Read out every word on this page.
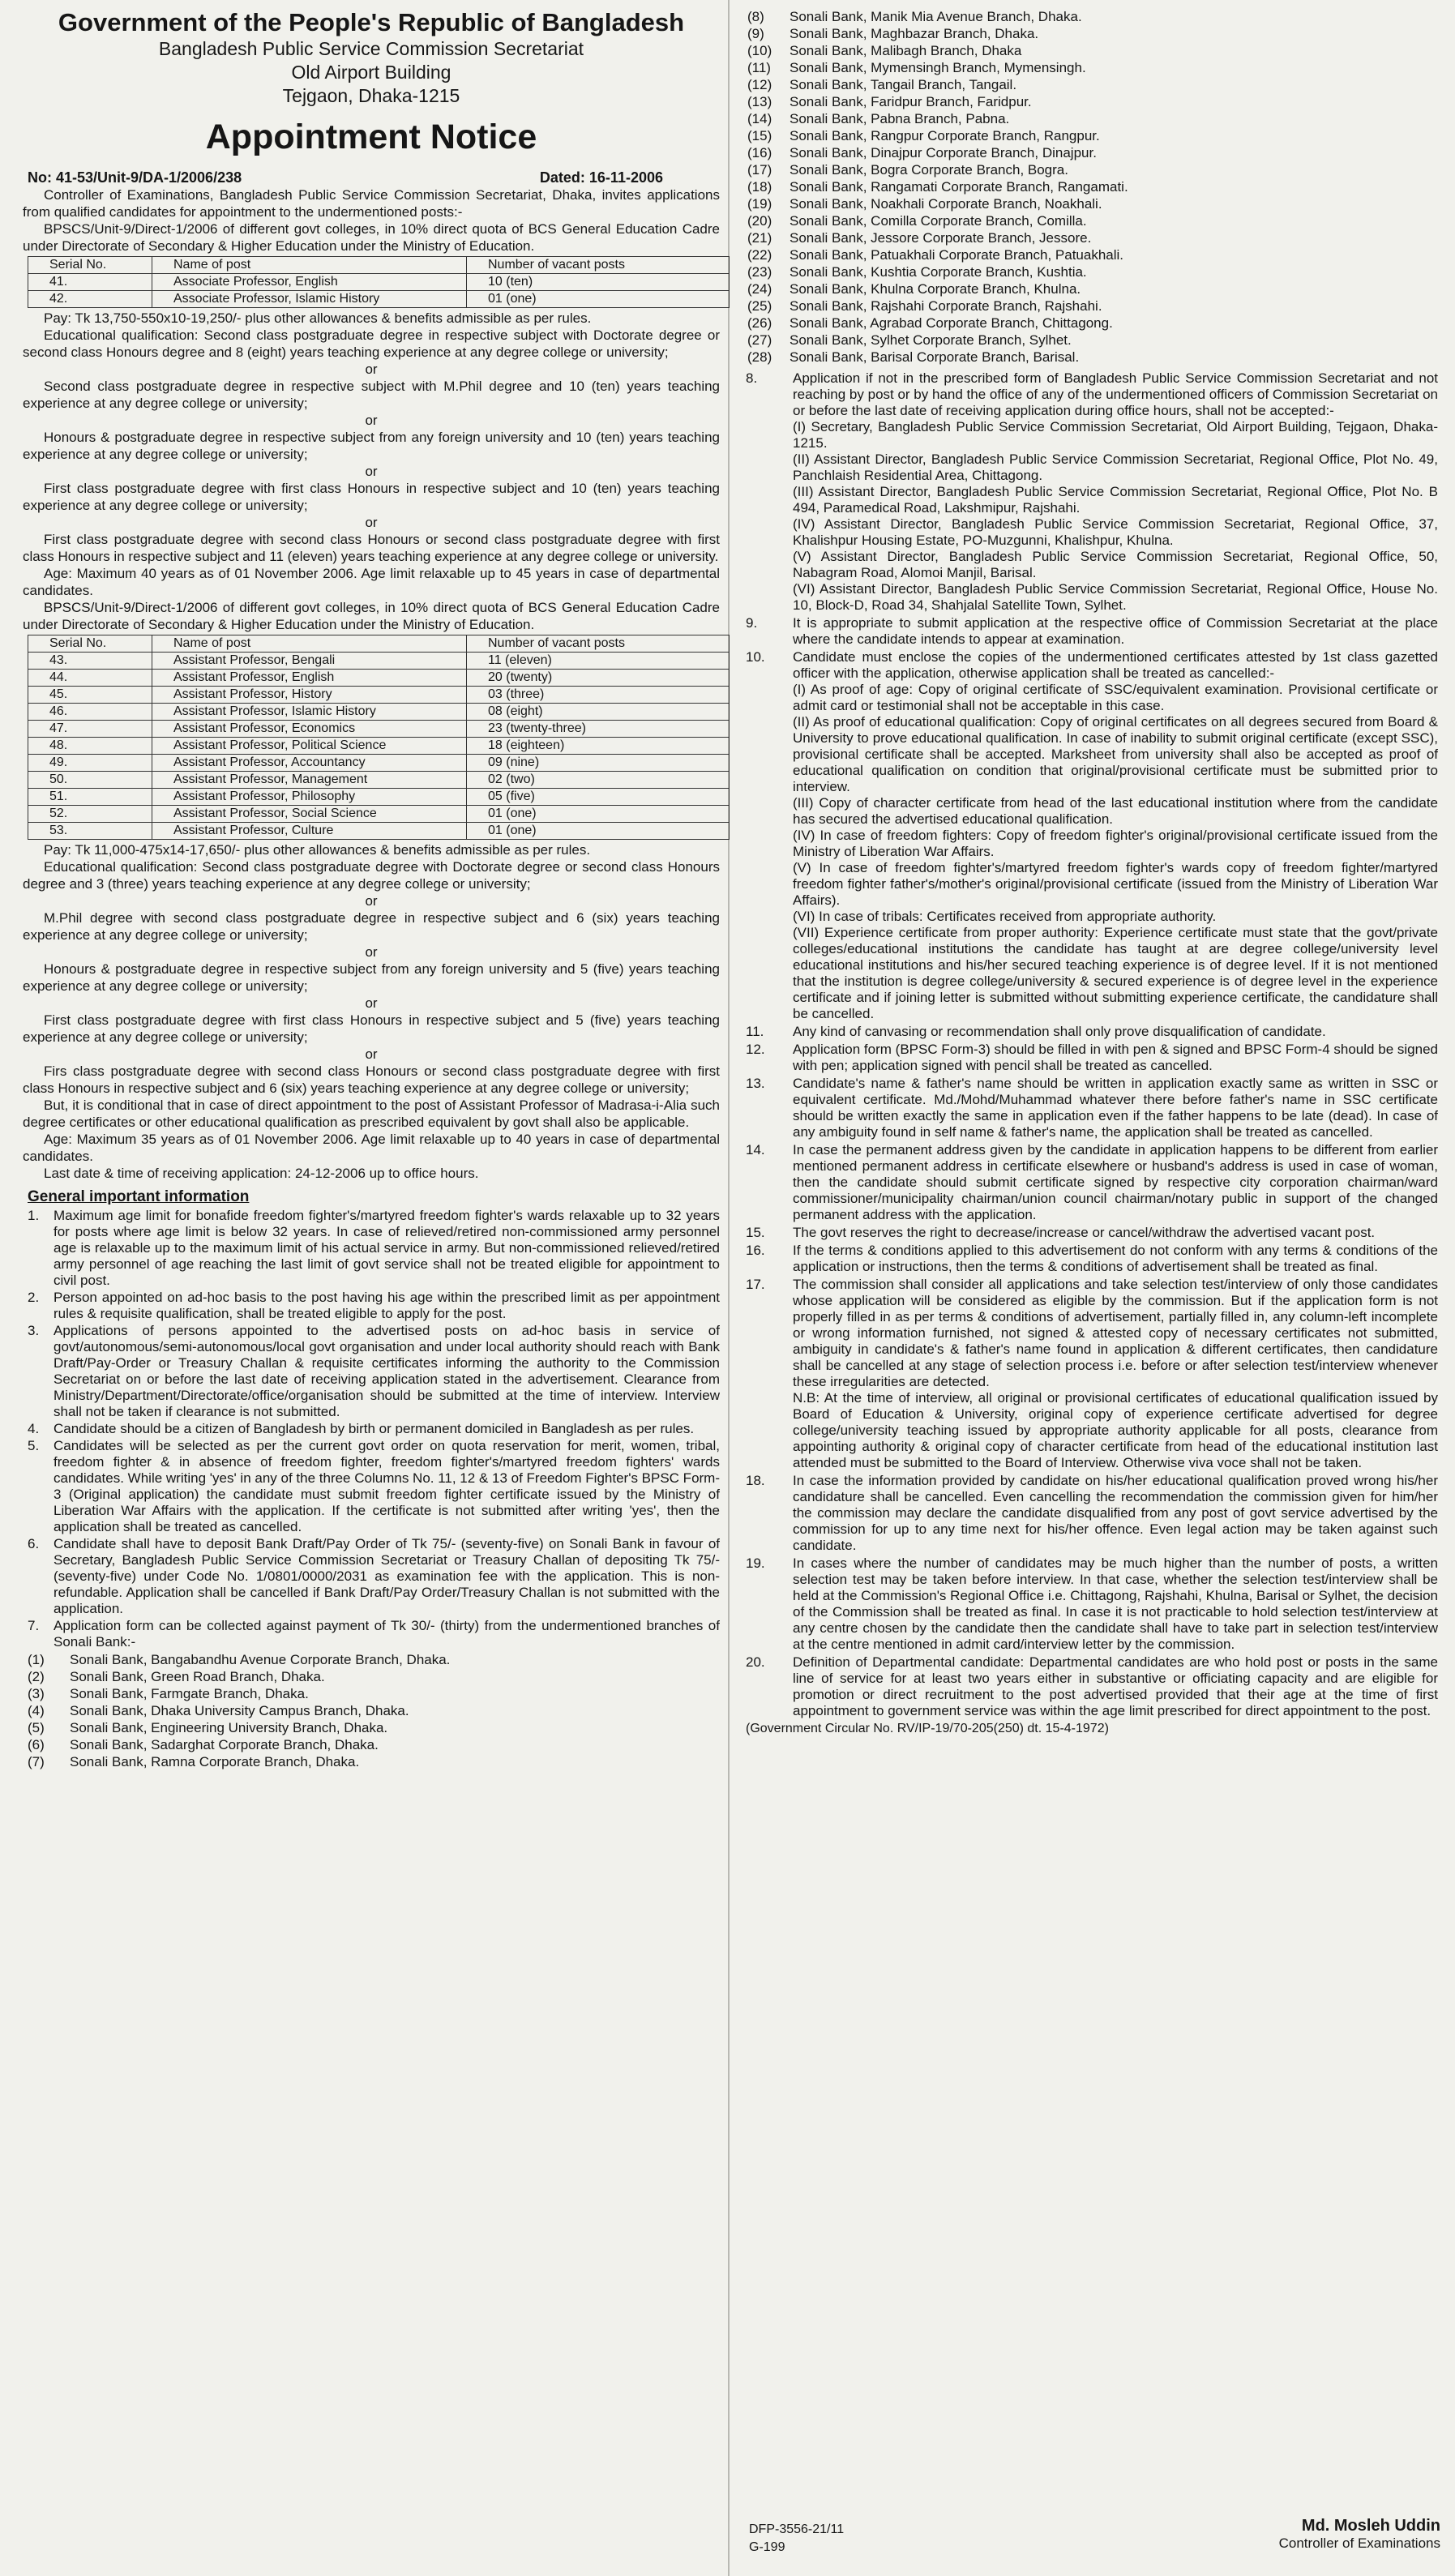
Government of the People's Republic of Bangladesh
Bangladesh Public Service Commission Secretariat
Old Airport Building
Tejgaon, Dhaka-1215
Appointment Notice
No: 41-53/Unit-9/DA-1/2006/238	Dated: 16-11-2006

Controller of Examinations, Bangladesh Public Service Commission Secretariat, Dhaka, invites applications from qualified candidates for appointment to the undermentioned posts:-

BPSCS/Unit-9/Direct-1/2006 of different govt colleges, in 10% direct quota of BCS General Education Cadre under Directorate of Secondary & Higher Education under the Ministry of Education.

Serial No.	Name of post	Number of vacant posts
41.	Associate Professor, English	10 (ten)
42.	Associate Professor, Islamic History	01 (one)

Pay: Tk 13,750-550x10-19,250/- plus other allowances & benefits admissible as per rules.

Educational qualification: Second class postgraduate degree in respective subject with Doctorate degree or second class Honours degree and 8 (eight) years teaching experience at any degree college or university;

or

Second class postgraduate degree in respective subject with M.Phil degree and 10 (ten) years teaching experience at any degree college or university;

or

Honours & postgraduate degree in respective subject from any foreign university and 10 (ten) years teaching experience at any degree college or university;

or

First class postgraduate degree with first class Honours in respective subject and 10 (ten) years teaching experience at any degree college or university;

or

First class postgraduate degree with second class Honours or second class postgraduate degree with first class Honours in respective subject and 11 (eleven) years teaching experience at any degree college or university.

Age: Maximum 40 years as of 01 November 2006. Age limit relaxable up to 45 years in case of departmental candidates.

BPSCS/Unit-9/Direct-1/2006 of different govt colleges, in 10% direct quota of BCS General Education Cadre under Directorate of Secondary & Higher Education under the Ministry of Education.

Serial No.	Name of post	Number of vacant posts
43.	Assistant Professor, Bengali	11 (eleven)
44.	Assistant Professor, English	20 (twenty)
45.	Assistant Professor, History	03 (three)
46.	Assistant Professor, Islamic History	08 (eight)
47.	Assistant Professor, Economics	23 (twenty-three)
48.	Assistant Professor, Political Science	18 (eighteen)
49.	Assistant Professor, Accountancy	09 (nine)
50.	Assistant Professor, Management	02 (two)
51.	Assistant Professor, Philosophy	05 (five)
52.	Assistant Professor, Social Science	01 (one)
53.	Assistant Professor, Culture	01 (one)

Pay: Tk 11,000-475x14-17,650/- plus other allowances & benefits admissible as per rules.

Educational qualification: Second class postgraduate degree with Doctorate degree or second class Honours degree and 3 (three) years teaching experience at any degree college or university;

or

M.Phil degree with second class postgraduate degree in respective subject and 6 (six) years teaching experience at any degree college or university;

or

Honours & postgraduate degree in respective subject from any foreign university and 5 (five) years teaching experience at any degree college or university;

or

First class postgraduate degree with first class Honours in respective subject and 5 (five) years teaching experience at any degree college or university;

or

Firs class postgraduate degree with second class Honours or second class postgraduate degree with first class Honours in respective subject and 6 (six) years teaching experience at any degree college or university;

But, it is conditional that in case of direct appointment to the post of Assistant Professor of Madrasa-i-Alia such degree certificates or other educational qualification as prescribed equivalent by govt shall also be applicable.

Age: Maximum 35 years as of 01 November 2006. Age limit relaxable up to 40 years in case of departmental candidates.

Last date & time of receiving application: 24-12-2006 up to office hours.

General important information
1.	Maximum age limit for bonafide freedom fighter's/martyred freedom fighter's wards relaxable up to 32 years for posts where age limit is below 32 years. In case of relieved/retired non-commissioned army personnel age is relaxable up to the maximum limit of his actual service in army. But non-commissioned relieved/retired army personnel of age reaching the last limit of govt service shall not be treated eligible for appointment to civil post.
2.	Person appointed on ad-hoc basis to the post having his age within the prescribed limit as per appointment rules & requisite qualification, shall be treated eligible to apply for the post.
3.	Applications of persons appointed to the advertised posts on ad-hoc basis in service of govt/autonomous/semi-autonomous/local govt organisation and under local authority should reach with Bank Draft/Pay-Order or Treasury Challan & requisite certificates informing the authority to the Commission Secretariat on or before the last date of receiving application stated in the advertisement. Clearance from Ministry/Department/Directorate/office/organisation should be submitted at the time of interview. Interview shall not be taken if clearance is not submitted.
4.	Candidate should be a citizen of Bangladesh by birth or permanent domiciled in Bangladesh as per rules.
5.	Candidates will be selected as per the current govt order on quota reservation for merit, women, tribal, freedom fighter & in absence of freedom fighter, freedom fighter's/martyred freedom fighters' wards candidates. While writing 'yes' in any of the three Columns No. 11, 12 & 13 of Freedom Fighter's BPSC Form-3 (Original application) the candidate must submit freedom fighter certificate issued by the Ministry of Liberation War Affairs with the application. If the certificate is not submitted after writing 'yes', then the application shall be treated as cancelled.
6.	Candidate shall have to deposit Bank Draft/Pay Order of Tk 75/- (seventy-five) on Sonali Bank in favour of Secretary, Bangladesh Public Service Commission Secretariat or Treasury Challan of depositing Tk 75/- (seventy-five) under Code No. 1/0801/0000/2031 as examination fee with the application. This is non-refundable. Application shall be cancelled if Bank Draft/Pay Order/Treasury Challan is not submitted with the application.
7.	Application form can be collected against payment of Tk 30/- (thirty) from the undermentioned branches of Sonali Bank:-
(1)	Sonali Bank, Bangabandhu Avenue Corporate Branch, Dhaka.
(2)	Sonali Bank, Green Road Branch, Dhaka.
(3)	Sonali Bank, Farmgate Branch, Dhaka.
(4)	Sonali Bank, Dhaka University Campus Branch, Dhaka.
(5)	Sonali Bank, Engineering University Branch, Dhaka.
(6)	Sonali Bank, Sadarghat Corporate Branch, Dhaka.
(7)	Sonali Bank, Ramna Corporate Branch, Dhaka.
(8)	Sonali Bank, Manik Mia Avenue Branch, Dhaka.
(9)	Sonali Bank, Maghbazar Branch, Dhaka.
(10)	Sonali Bank, Malibagh Branch, Dhaka
(11)	Sonali Bank, Mymensingh Branch, Mymensingh.
(12)	Sonali Bank, Tangail Branch, Tangail.
(13)	Sonali Bank, Faridpur Branch, Faridpur.
(14)	Sonali Bank, Pabna Branch, Pabna.
(15)	Sonali Bank, Rangpur Corporate Branch, Rangpur.
(16)	Sonali Bank, Dinajpur Corporate Branch, Dinajpur.
(17)	Sonali Bank, Bogra Corporate Branch, Bogra.
(18)	Sonali Bank, Rangamati Corporate Branch, Rangamati.
(19)	Sonali Bank, Noakhali Corporate Branch, Noakhali.
(20)	Sonali Bank, Comilla Corporate Branch, Comilla.
(21)	Sonali Bank, Jessore Corporate Branch, Jessore.
(22)	Sonali Bank, Patuakhali Corporate Branch, Patuakhali.
(23)	Sonali Bank, Kushtia Corporate Branch, Kushtia.
(24)	Sonali Bank, Khulna Corporate Branch, Khulna.
(25)	Sonali Bank, Rajshahi Corporate Branch, Rajshahi.
(26)	Sonali Bank, Agrabad Corporate Branch, Chittagong.
(27)	Sonali Bank, Sylhet Corporate Branch, Sylhet.
(28)	Sonali Bank, Barisal Corporate Branch, Barisal.
8.	Application if not in the prescribed form of Bangladesh Public Service Commission Secretariat and not reaching by post or by hand the office of any of the undermentioned officers of Commission Secretariat on or before the last date of receiving application during office hours, shall not be accepted:-
(I) Secretary, Bangladesh Public Service Commission Secretariat, Old Airport Building, Tejgaon, Dhaka-1215.
(II) Assistant Director, Bangladesh Public Service Commission Secretariat, Regional Office, Plot No. 49, Panchlaish Residential Area, Chittagong.
(III) Assistant Director, Bangladesh Public Service Commission Secretariat, Regional Office, Plot No. B 494, Paramedical Road, Lakshmipur, Rajshahi.
(IV) Assistant Director, Bangladesh Public Service Commission Secretariat, Regional Office, 37, Khalishpur Housing Estate, PO-Muzgunni, Khalishpur, Khulna.
(V) Assistant Director, Bangladesh Public Service Commission Secretariat, Regional Office, 50, Nabagram Road, Alomoi Manjil, Barisal.
(VI) Assistant Director, Bangladesh Public Service Commission Secretariat, Regional Office, House No. 10, Block-D, Road 34, Shahjalal Satellite Town, Sylhet.
9.	It is appropriate to submit application at the respective office of Commission Secretariat at the place where the candidate intends to appear at examination.
10.	Candidate must enclose the copies of the undermentioned certificates attested by 1st class gazetted officer with the application, otherwise application shall be treated as cancelled:-
(I) As proof of age: Copy of original certificate of SSC/equivalent examination. Provisional certificate or admit card or testimonial shall not be acceptable in this case.
(II) As proof of educational qualification: Copy of original certificates on all degrees secured from Board & University to prove educational qualification. In case of inability to submit original certificate (except SSC), provisional certificate shall be accepted. Marksheet from university shall also be accepted as proof of educational qualification on condition that original/provisional certificate must be submitted prior to interview.
(III) Copy of character certificate from head of the last educational institution where from the candidate has secured the advertised educational qualification.
(IV) In case of freedom fighters: Copy of freedom fighter's original/provisional certificate issued from the Ministry of Liberation War Affairs.
(V) In case of freedom fighter's/martyred freedom fighter's wards copy of freedom fighter/martyred freedom fighter father's/mother's original/provisional certificate (issued from the Ministry of Liberation War Affairs).
(VI) In case of tribals: Certificates received from appropriate authority.
(VII) Experience certificate from proper authority: Experience certificate must state that the govt/private colleges/educational institutions the candidate has taught at are degree college/university level educational institutions and his/her secured teaching experience is of degree level. If it is not mentioned that the institution is degree college/university & secured experience is of degree level in the experience certificate and if joining letter is submitted without submitting experience certificate, the candidature shall be cancelled.
11.	Any kind of canvasing or recommendation shall only prove disqualification of candidate.
12.	Application form (BPSC Form-3) should be filled in with pen & signed and BPSC Form-4 should be signed with pen; application signed with pencil shall be treated as cancelled.
13.	Candidate's name & father's name should be written in application exactly same as written in SSC or equivalent certificate. Md./Mohd/Muhammad whatever there before father's name in SSC certificate should be written exactly the same in application even if the father happens to be late (dead). In case of any ambiguity found in self name & father's name, the application shall be treated as cancelled.
14.	In case the permanent address given by the candidate in application happens to be different from earlier mentioned permanent address in certificate elsewhere or husband's address is used in case of woman, then the candidate should submit certificate signed by respective city corporation chairman/ward commissioner/municipality chairman/union council chairman/notary public in support of the changed permanent address with the application.
15.	The govt reserves the right to decrease/increase or cancel/withdraw the advertised vacant post.
16.	If the terms & conditions applied to this advertisement do not conform with any terms & conditions of the application or instructions, then the terms & conditions of advertisement shall be treated as final.
17.	The commission shall consider all applications and take selection test/interview of only those candidates whose application will be considered as eligible by the commission. But if the application form is not properly filled in as per terms & conditions of advertisement, partially filled in, any column-left incomplete or wrong information furnished, not signed & attested copy of necessary certificates not submitted, ambiguity in candidate's & father's name found in application & different certificates, then candidature shall be cancelled at any stage of selection process i.e. before or after selection test/interview whenever these irregularities are detected.
N.B: At the time of interview, all original or provisional certificates of educational qualification issued by Board of Education & University, original copy of experience certificate advertised for degree college/university teaching issued by appropriate authority applicable for all posts, clearance from appointing authority & original copy of character certificate from head of the educational institution last attended must be submitted to the Board of Interview. Otherwise viva voce shall not be taken.
18.	In case the information provided by candidate on his/her educational qualification proved wrong his/her candidature shall be cancelled. Even cancelling the recommendation the commission given for him/her the commission may declare the candidate disqualified from any post of govt service advertised by the commission for up to any time next for his/her offence. Even legal action may be taken against such candidate.
19.	In cases where the number of candidates may be much higher than the number of posts, a written selection test may be taken before interview. In that case, whether the selection test/interview shall be held at the Commission's Regional Office i.e. Chittagong, Rajshahi, Khulna, Barisal or Sylhet, the decision of the Commission shall be treated as final. In case it is not practicable to hold selection test/interview at any centre chosen by the candidate then the candidate shall have to take part in selection test/interview at the centre mentioned in admit card/interview letter by the commission.
20.	Definition of Departmental candidate: Departmental candidates are who hold post or posts in the same line of service for at least two years either in substantive or officiating capacity and are eligible for promotion or direct recruitment to the post advertised provided that their age at the time of first appointment to government service was within the age limit prescribed for direct appointment to the post.
(Government Circular No. RV/IP-19/70-205(250) dt. 15-4-1972)
DFP-3556-21/11
G-199
Md. Mosleh Uddin
Controller of Examinations
